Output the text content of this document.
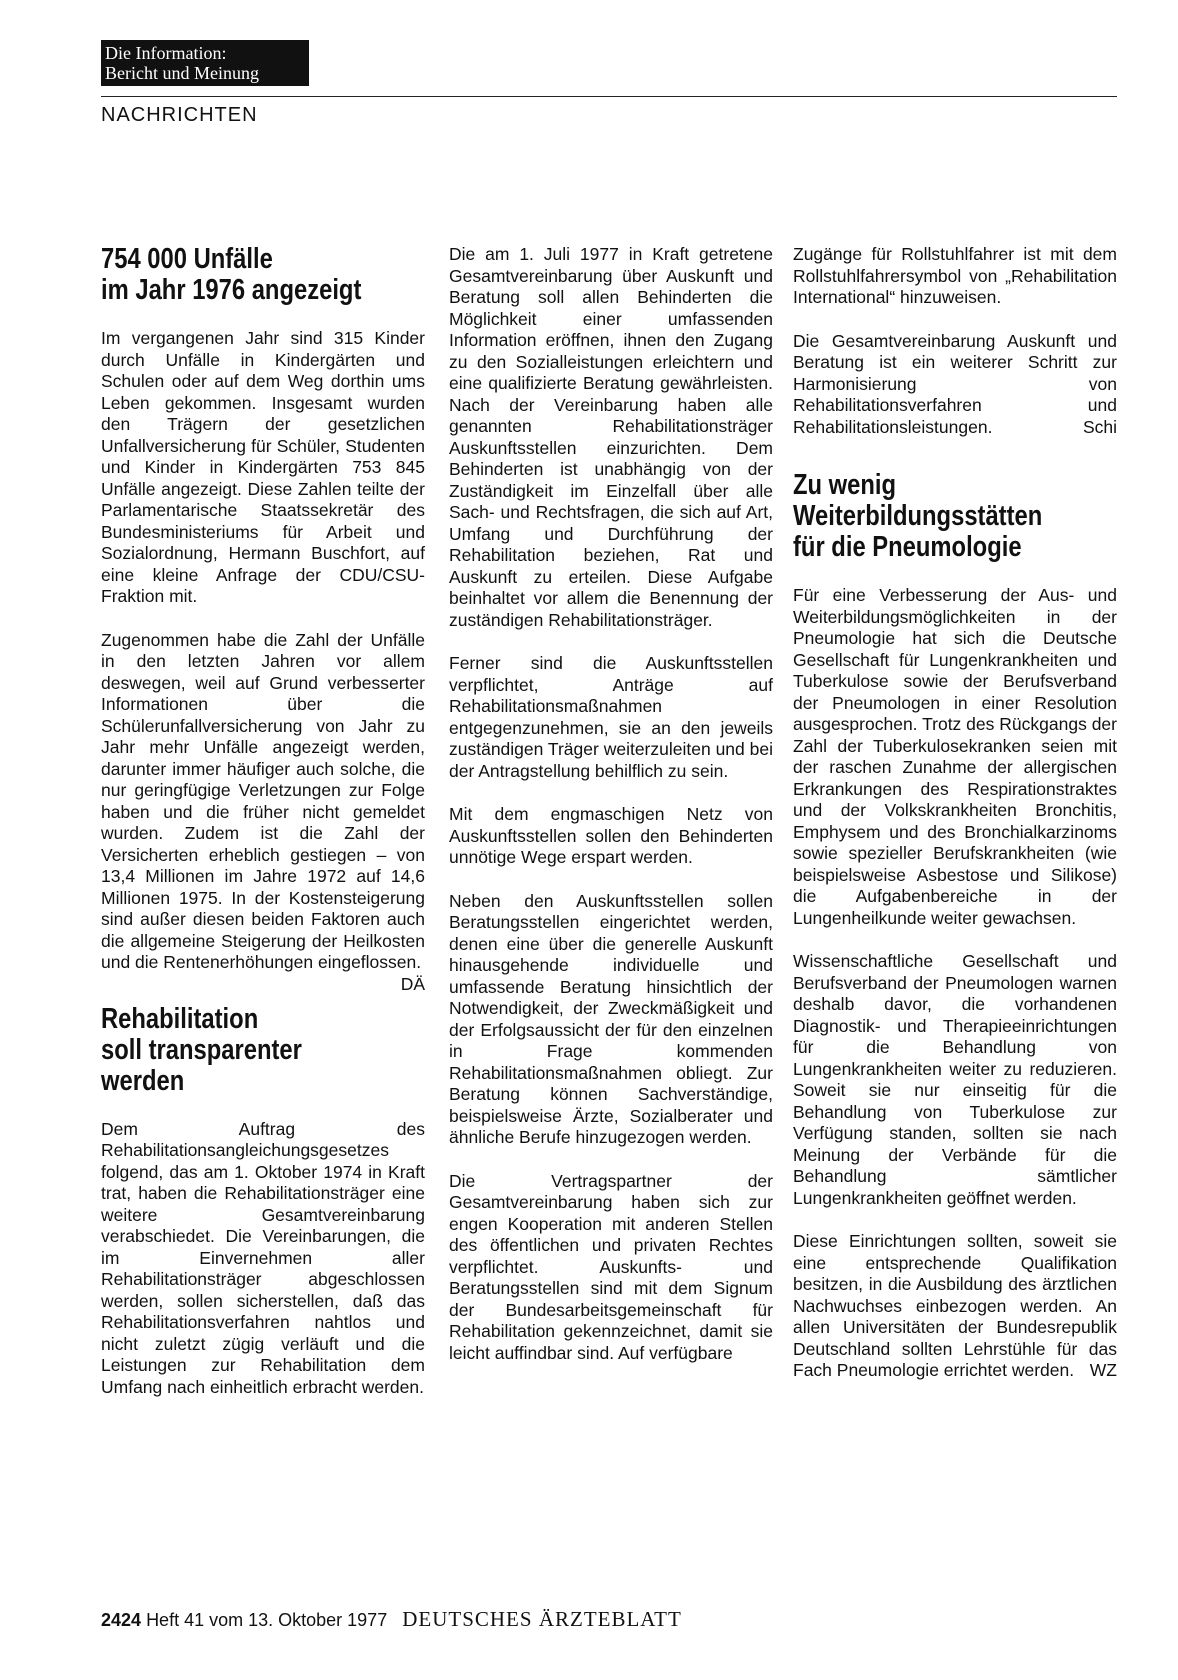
Die Information:
Bericht und Meinung
NACHRICHTEN
754 000 Unfälle
im Jahr 1976 angezeigt

Im vergangenen Jahr sind 315 Kinder durch Unfälle in Kindergärten und Schulen oder auf dem Weg dorthin ums Leben gekommen. Insgesamt wurden den Trägern der gesetzlichen Unfallversicherung für Schüler, Studenten und Kinder in Kindergärten 753 845 Unfälle angezeigt. Diese Zahlen teilte der Parlamentarische Staatssekretär des Bundesministeriums für Arbeit und Sozialordnung, Hermann Buschfort, auf eine kleine Anfrage der CDU/CSU-Fraktion mit.

Zugenommen habe die Zahl der Unfälle in den letzten Jahren vor allem deswegen, weil auf Grund verbesserter Informationen über die Schülerunfallversicherung von Jahr zu Jahr mehr Unfälle angezeigt werden, darunter immer häufiger auch solche, die nur geringfügige Verletzungen zur Folge haben und die früher nicht gemeldet wurden. Zudem ist die Zahl der Versicherten erheblich gestiegen – von 13,4 Millionen im Jahre 1972 auf 14,6 Millionen 1975. In der Kostensteigerung sind außer diesen beiden Faktoren auch die allgemeine Steigerung der Heilkosten und die Rentenerhöhungen eingeflossen.
DÄ

Rehabilitation
soll transparenter
werden

Dem Auftrag des Rehabilitationsangleichungsgesetzes folgend, das am 1. Oktober 1974 in Kraft trat, haben die Rehabilitationsträger eine weitere Gesamtvereinbarung verabschiedet. Die Vereinbarungen, die im Einvernehmen aller Rehabilitationsträger abgeschlossen werden, sollen sicherstellen, daß das Rehabilitationsverfahren nahtlos und nicht zuletzt zügig verläuft und die Leistungen zur Rehabilitation dem Umfang nach einheitlich erbracht werden.

Die am 1. Juli 1977 in Kraft getretene Gesamtvereinbarung über Auskunft und Beratung soll allen Behinderten die Möglichkeit einer umfassenden Information eröffnen, ihnen den Zugang zu den Sozialleistungen erleichtern und eine qualifizierte Beratung gewährleisten. Nach der Vereinbarung haben alle genannten Rehabilitationsträger Auskunftsstellen einzurichten. Dem Behinderten ist unabhängig von der Zuständigkeit im Einzelfall über alle Sach- und Rechtsfragen, die sich auf Art, Umfang und Durchführung der Rehabilitation beziehen, Rat und Auskunft zu erteilen. Diese Aufgabe beinhaltet vor allem die Benennung der zuständigen Rehabilitationsträger.

Ferner sind die Auskunftsstellen verpflichtet, Anträge auf Rehabilitationsmaßnahmen entgegenzunehmen, sie an den jeweils zuständigen Träger weiterzuleiten und bei der Antragstellung behilflich zu sein.

Mit dem engmaschigen Netz von Auskunftsstellen sollen den Behinderten unnötige Wege erspart werden.

Neben den Auskunftsstellen sollen Beratungsstellen eingerichtet werden, denen eine über die generelle Auskunft hinausgehende individuelle und umfassende Beratung hinsichtlich der Notwendigkeit, der Zweckmäßigkeit und der Erfolgsaussicht der für den einzelnen in Frage kommenden Rehabilitationsmaßnahmen obliegt. Zur Beratung können Sachverständige, beispielsweise Ärzte, Sozialberater und ähnliche Berufe hinzugezogen werden.

Die Vertragspartner der Gesamtvereinbarung haben sich zur engen Kooperation mit anderen Stellen des öffentlichen und privaten Rechtes verpflichtet. Auskunfts- und Beratungsstellen sind mit dem Signum der Bundesarbeitsgemeinschaft für Rehabilitation gekennzeichnet, damit sie leicht auffindbar sind. Auf verfügbare

Zugänge für Rollstuhlfahrer ist mit dem Rollstuhlfahrersymbol von „Rehabilitation International“ hinzuweisen.

Die Gesamtvereinbarung Auskunft und Beratung ist ein weiterer Schritt zur Harmonisierung von Rehabilitationsverfahren und Rehabilitationsleistungen.	Schi

Zu wenig
Weiterbildungsstätten
für die Pneumologie

Für eine Verbesserung der Aus- und Weiterbildungsmöglichkeiten in der Pneumologie hat sich die Deutsche Gesellschaft für Lungenkrankheiten und Tuberkulose sowie der Berufsverband der Pneumologen in einer Resolution ausgesprochen. Trotz des Rückgangs der Zahl der Tuberkulosekranken seien mit der raschen Zunahme der allergischen Erkrankungen des Respirationstraktes und der Volkskrankheiten Bronchitis, Emphysem und des Bronchialkarzinoms sowie spezieller Berufskrankheiten (wie beispielsweise Asbestose und Silikose) die Aufgabenbereiche in der Lungenheilkunde weiter gewachsen.

Wissenschaftliche Gesellschaft und Berufsverband der Pneumologen warnen deshalb davor, die vorhandenen Diagnostik- und Therapieeinrichtungen für die Behandlung von Lungenkrankheiten weiter zu reduzieren. Soweit sie nur einseitig für die Behandlung von Tuberkulose zur Verfügung standen, sollten sie nach Meinung der Verbände für die Behandlung sämtlicher Lungenkrankheiten geöffnet werden.

Diese Einrichtungen sollten, soweit sie eine entsprechende Qualifikation besitzen, in die Ausbildung des ärztlichen Nachwuchses einbezogen werden. An allen Universitäten der Bundesrepublik Deutschland sollten Lehrstühle für das Fach Pneumologie errichtet werden. WZ

2424 Heft 41 vom 13. Oktober 1977 DEUTSCHES ÄRZTEBLATT
